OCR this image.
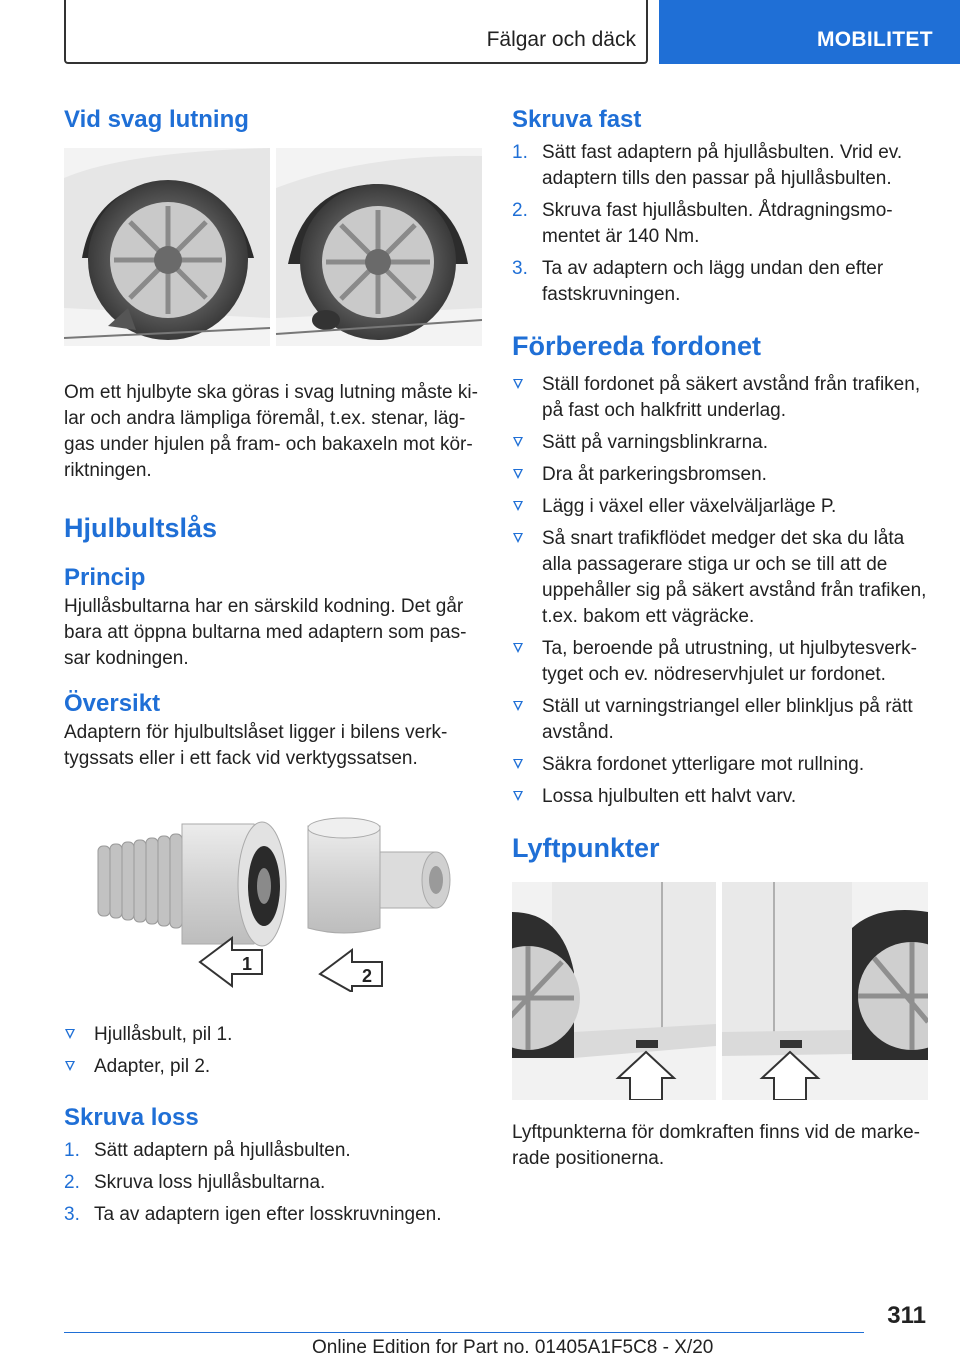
Fälgar och däck	MOBILITET
Vid svag lutning

Om ett hjulbyte ska göras i svag lutning måste ki-lar och andra lämpliga föremål, t.ex. stenar, läg-gas under hjulen på fram- och bakaxeln mot kör-riktningen.

Hjulbultslås
Princip

Hjullåsbultarna har en särskild kodning. Det går bara att öppna bultarna med adaptern som pas-sar kodningen.

Översikt

Adaptern för hjulbultslåset ligger i bilens verk-tygssats eller i ett fack vid verktygssatsen.

1
2
Hjullåsbult, pil 1.
Adapter, pil 2.
Skruva loss
1. Sätt adaptern på hjullåsbulten.
2. Skruva loss hjullåsbultarna.
3. Ta av adaptern igen efter losskruvningen.
Skruva fast
1. Sätt fast adaptern på hjullåsbulten. Vrid ev. adaptern tills den passar på hjullåsbulten.
2. Skruva fast hjullåsbulten. Åtdragningsmo-mentet är 140 Nm.
3. Ta av adaptern och lägg undan den efter fastskruvningen.
Förbereda fordonet
Ställ fordonet på säkert avstånd från trafiken, på fast och halkfritt underlag.
Sätt på varningsblinkrarna.
Dra åt parkeringsbromsen.
Lägg i växel eller växelväljarläge P.
Så snart trafikflödet medger det ska du låta alla passagerare stiga ur och se till att de uppehåller sig på säkert avstånd från trafiken, t.ex. bakom ett vägräcke.
Ta, beroende på utrustning, ut hjulbytesverk-tyget och ev. nödreservhjulet ur fordonet.
Ställ ut varningstriangel eller blinkljus på rätt avstånd.
Säkra fordonet ytterligare mot rullning.
Lossa hjulbulten ett halvt varv.
Lyftpunkter

Lyftpunkterna för domkraften finns vid de marke-rade positionerna.

311
Online Edition for Part no. 01405A1F5C8 - X/20
